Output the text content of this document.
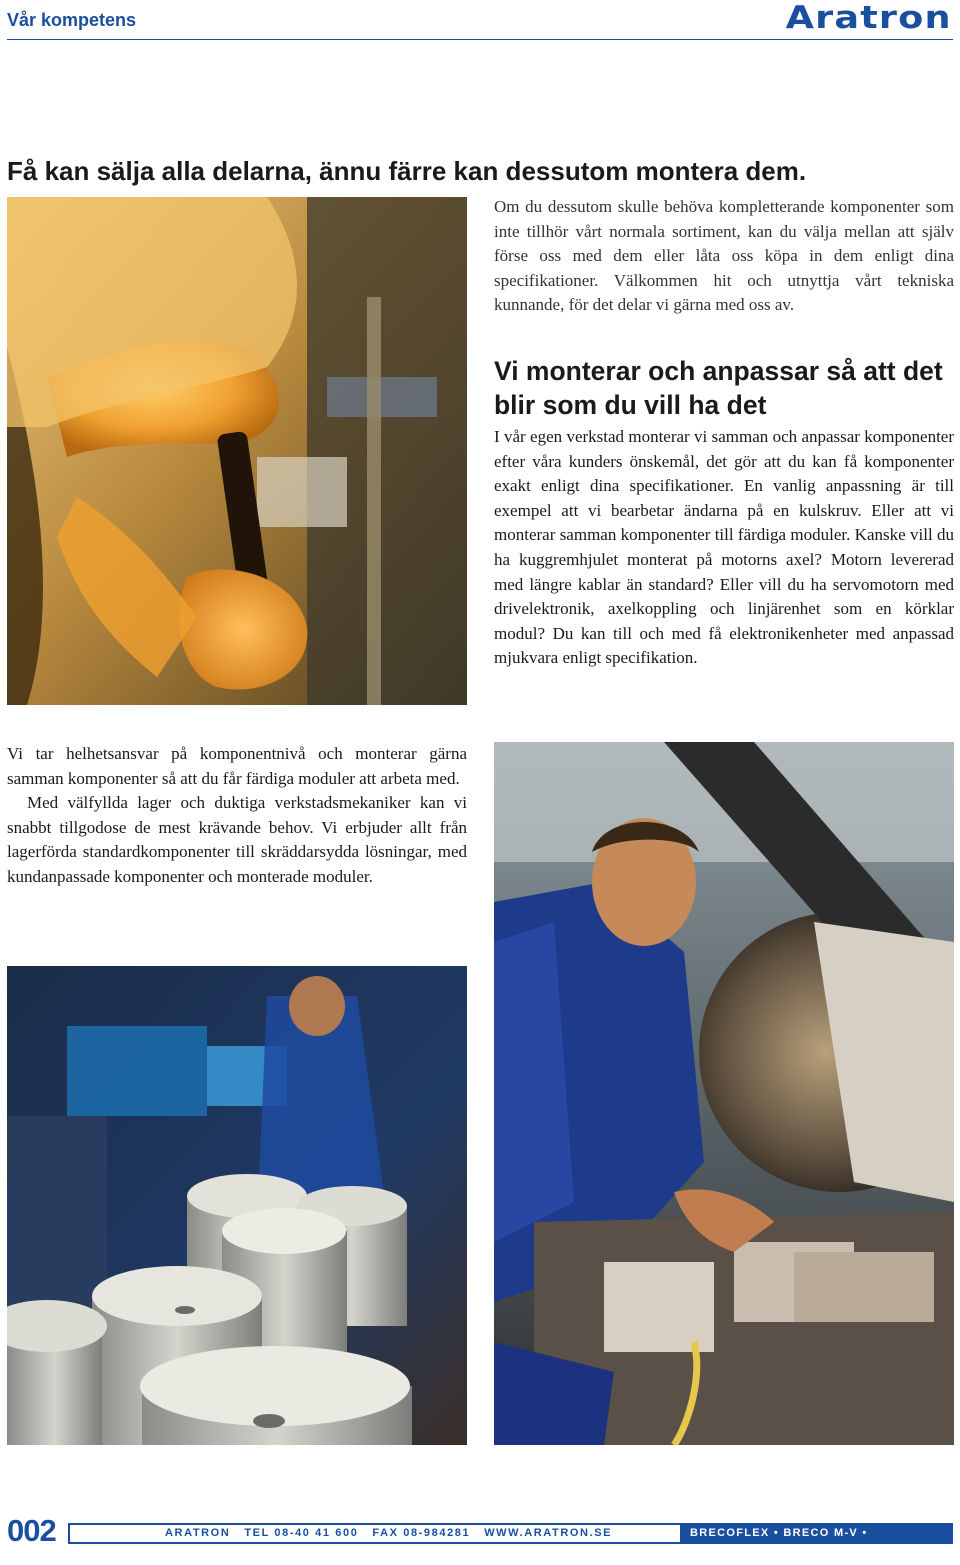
Vår kompetens	Aratron
Få kan sälja alla delarna, ännu färre kan dessutom montera dem.

Om du dessutom skulle behöva kompletterande komponenter som inte tillhör vårt normala sortiment, kan du välja mellan att själv förse oss med dem eller låta oss köpa in dem enligt dina specifikationer. Välkommen hit och utnyttja vårt tekniska kunnande, för det delar vi gärna med oss av.

Vi monterar och anpassar så att det blir som du vill ha det

I vår egen verkstad monterar vi samman och anpassar komponenter efter våra kunders önskemål, det gör att du kan få komponenter exakt enligt dina specifikationer. En vanlig anpassning är till exempel att vi bearbetar ändarna på en kulskruv. Eller att vi monterar samman komponenter till färdiga moduler. Kanske vill du ha kuggremhjulet monterat på motorns axel? Motorn levererad med längre kablar än standard? Eller vill du ha servomotorn med drivelektronik, axelkoppling och linjärenhet som en körklar modul? Du kan till och med få elektronikenheter med anpassad mjukvara enligt specifikation.

Vi tar helhetsansvar på komponentnivå och monterar gärna samman komponenter så att du får färdiga moduler att arbeta med.

Med välfyllda lager och duktiga verkstadsmekaniker kan vi snabbt tillgodose de mest krävande behov. Vi erbjuder allt från lagerförda standardkomponenter till skräddarsydda lösningar, med kundanpassade komponenter och monterade moduler.

002	ARATRON   TEL 08-40 41 600   FAX 08-984281   WWW.ARATRON.SE	BRECOFLEX • BRECO M-V • SYNCHROFLEX
